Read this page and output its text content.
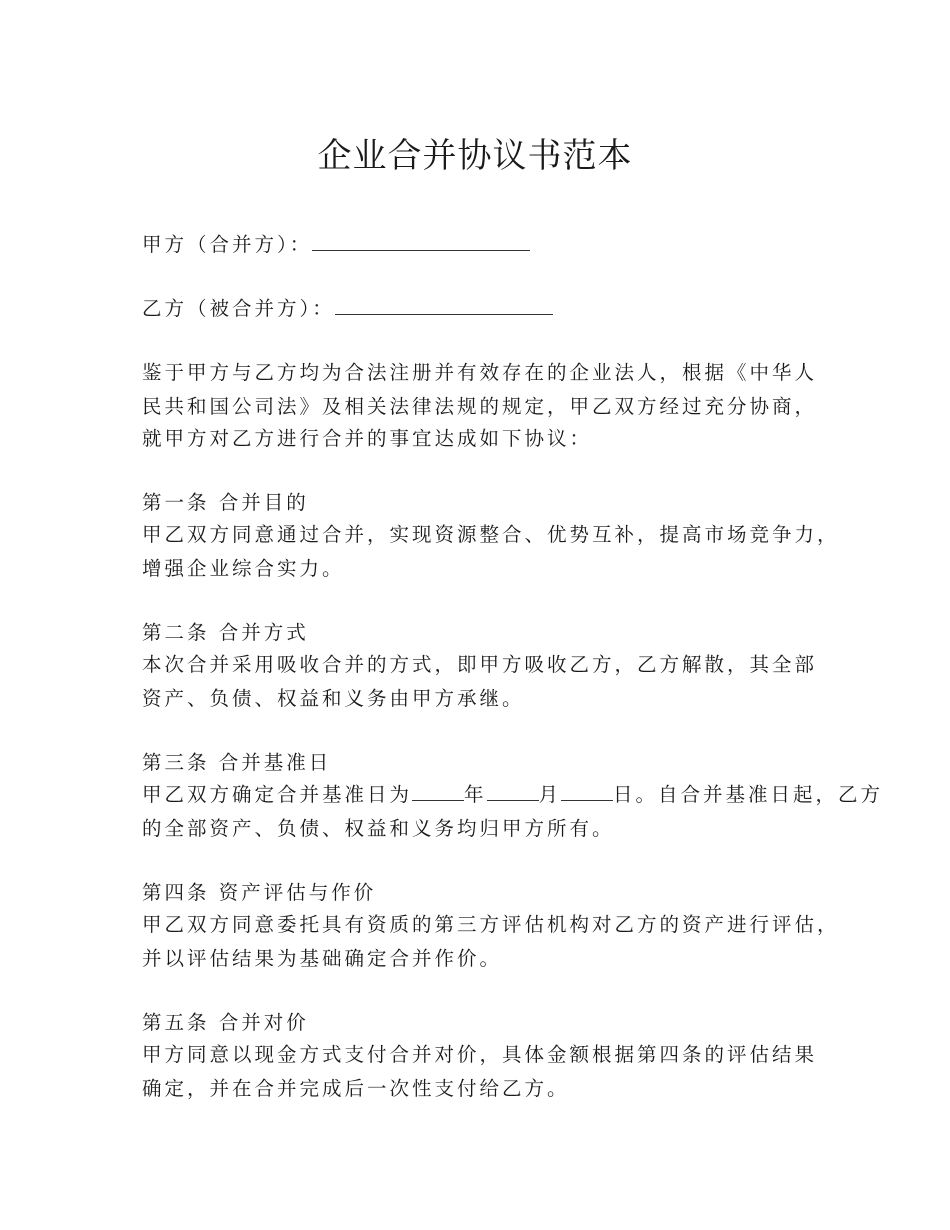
企业合并协议书范本
甲方（合并方）：
乙方（被合并方）：
鉴于甲方与乙方均为合法注册并有效存在的企业法人，根据《中华人
民共和国公司法》及相关法律法规的规定，甲乙双方经过充分协商，
就甲方对乙方进行合并的事宜达成如下协议：
第一条 合并目的
甲乙双方同意通过合并，实现资源整合、优势互补，提高市场竞争力，
增强企业综合实力。
第二条 合并方式
本次合并采用吸收合并的方式，即甲方吸收乙方，乙方解散，其全部
资产、负债、权益和义务由甲方承继。
第三条 合并基准日
甲乙双方确定合并基准日为	年	月	日。自合并基准日起，乙方
的全部资产、负债、权益和义务均归甲方所有。
第四条 资产评估与作价
甲乙双方同意委托具有资质的第三方评估机构对乙方的资产进行评估，
并以评估结果为基础确定合并作价。
第五条 合并对价
甲方同意以现金方式支付合并对价，具体金额根据第四条的评估结果
确定，并在合并完成后一次性支付给乙方。
